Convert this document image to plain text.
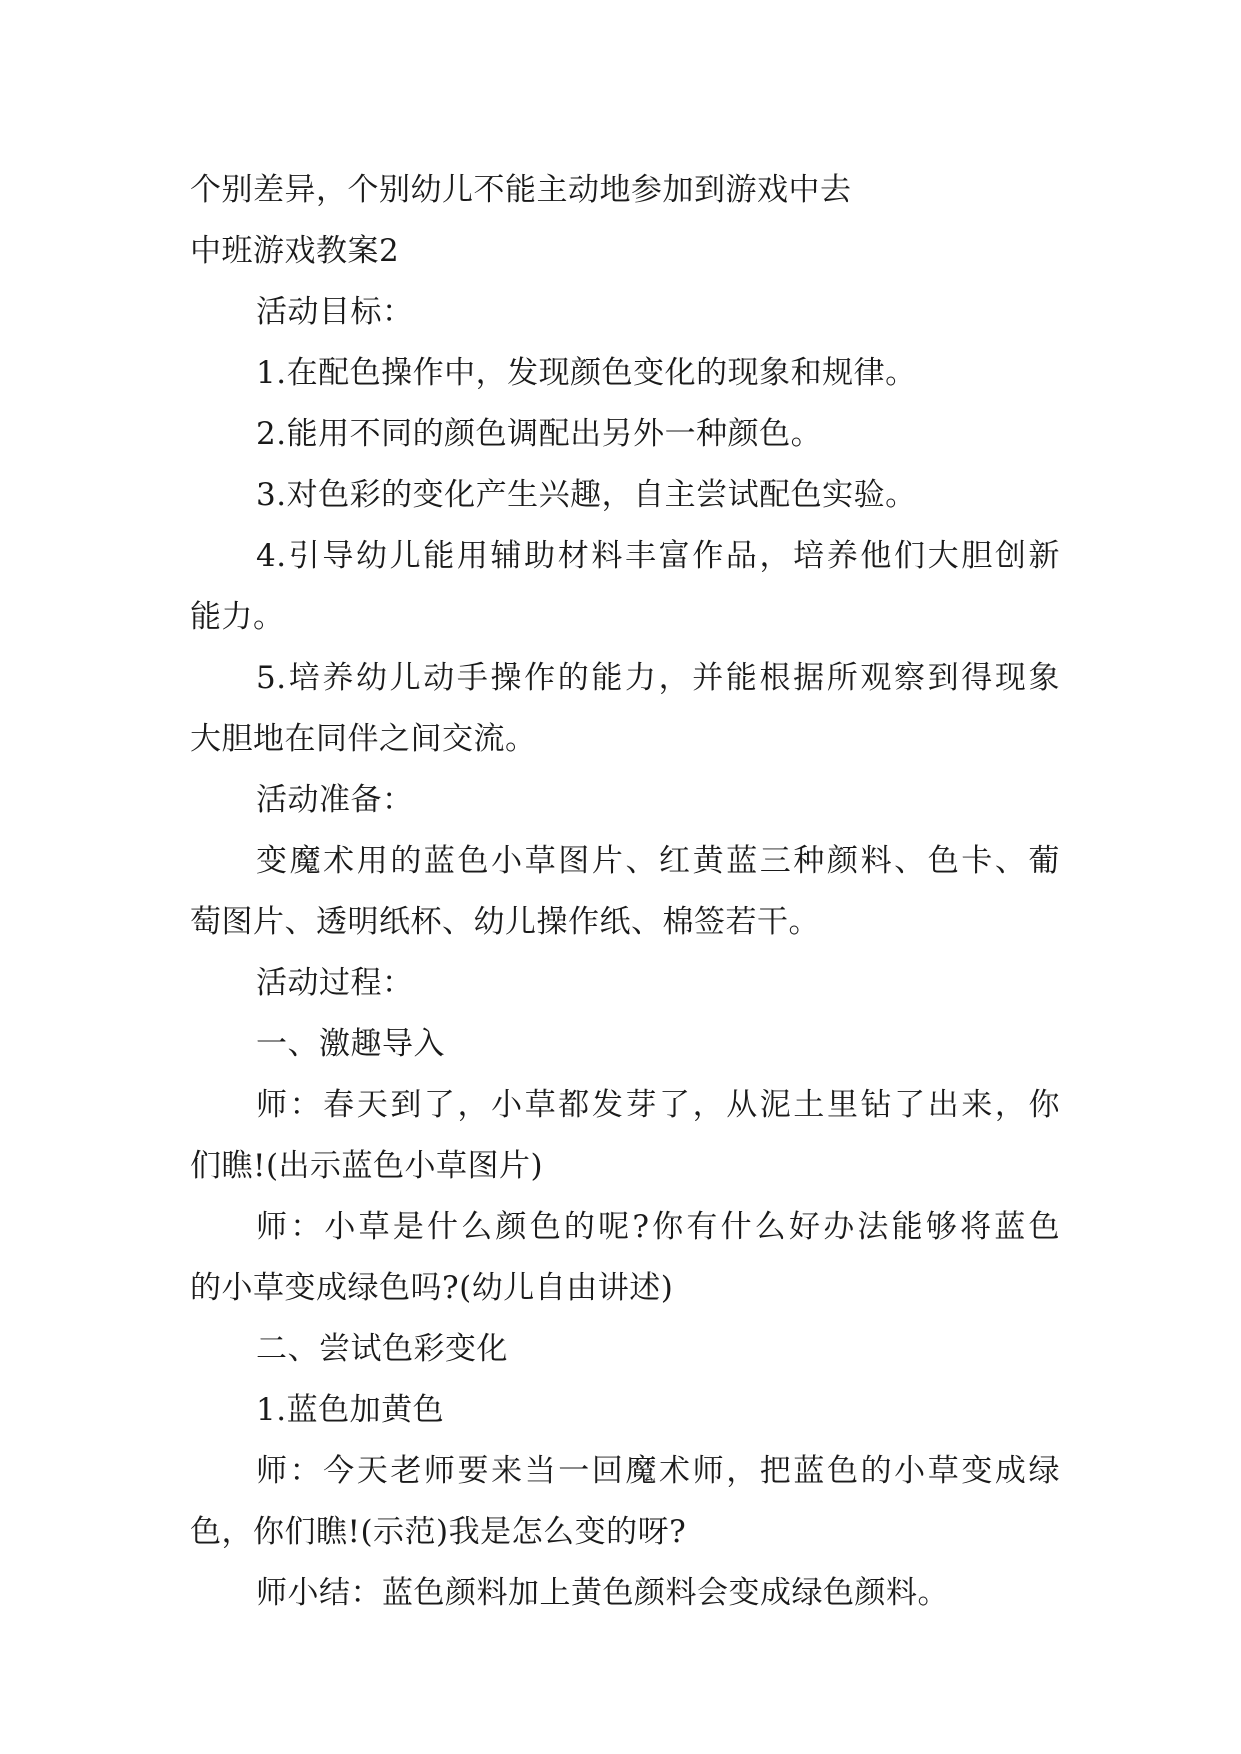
个别差异，个别幼儿不能主动地参加到游戏中去

中班游戏教案2

活动目标：

1.在配色操作中，发现颜色变化的现象和规律。

2.能用不同的颜色调配出另外一种颜色。

3.对色彩的变化产生兴趣，自主尝试配色实验。

4.引导幼儿能用辅助材料丰富作品，培养他们大胆创新

能力。

5.培养幼儿动手操作的能力，并能根据所观察到得现象

大胆地在同伴之间交流。

活动准备：

变魔术用的蓝色小草图片、红黄蓝三种颜料、色卡、葡

萄图片、透明纸杯、幼儿操作纸、棉签若干。

活动过程：

一、激趣导入

师：春天到了，小草都发芽了，从泥土里钻了出来，你

们瞧!(出示蓝色小草图片)

师：小草是什么颜色的呢?你有什么好办法能够将蓝色

的小草变成绿色吗?(幼儿自由讲述)

二、尝试色彩变化

1.蓝色加黄色

师：今天老师要来当一回魔术师，把蓝色的小草变成绿

色，你们瞧!(示范)我是怎么变的呀?

师小结：蓝色颜料加上黄色颜料会变成绿色颜料。
